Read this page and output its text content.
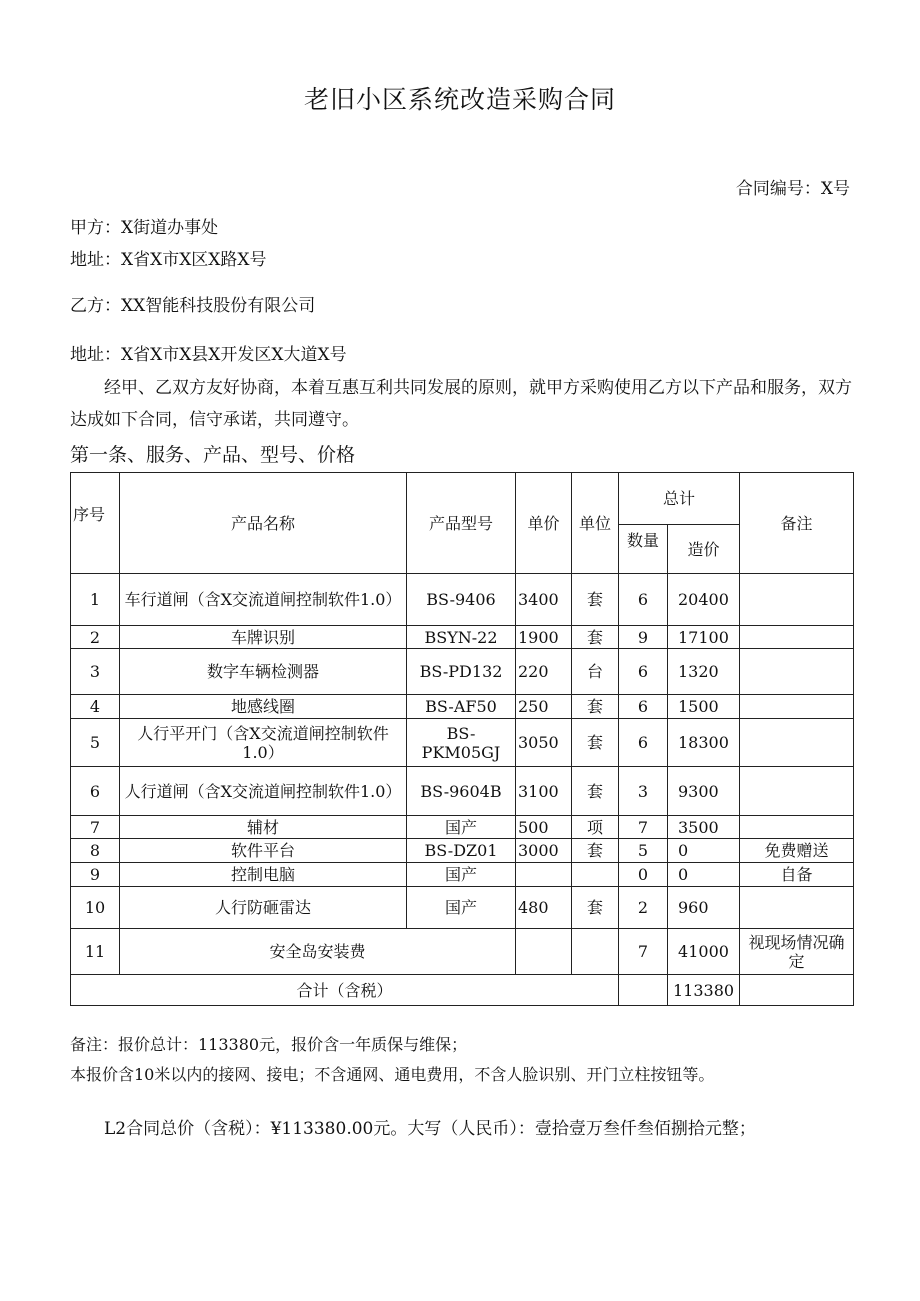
老旧小区系统改造采购合同
合同编号：X号
甲方：X街道办事处
地址：X省X市X区X路X号
乙方：XX智能科技股份有限公司
地址：X省X市X县X开发区X大道X号
经甲、乙双方友好协商，本着互惠互利共同发展的原则，就甲方采购使用乙方以下产品和服务，双方达成如下合同，信守承诺，共同遵守。
第一条、服务、产品、型号、价格
序号	产品名称	产品型号	单价	单位	总计		备注
					数量	造价	
1	车行道闸（含X交流道闸控制软件1.0）	BS-9406	3400	套	6	20400	
2	车牌识别	BSYN-22	1900	套	9	17100	
3	数字车辆检测器	BS-PD132	220	台	6	1320	
4	地感线圈	BS-AF50	250	套	6	1500	
5	人行平开门（含X交流道闸控制软件1.0）	BS-PKM05GJ	3050	套	6	18300	
6	人行道闸（含X交流道闸控制软件1.0）	BS-9604B	3100	套	3	9300	
7	辅材	国产	500	项	7	3500	
8	软件平台	BS-DZ01	3000	套	5	0	免费赠送
9	控制电脑	国产			0	0	自备
10	人行防砸雷达	国产	480	套	2	960	
11	安全岛安装费				7	41000	视现场情况确定
合计（含税）						113380	
备注：报价总计：113380元，报价含一年质保与维保；
本报价含10米以内的接网、接电；不含通网、通电费用，不含人脸识别、开门立柱按钮等。
L2合同总价（含税）：¥113380.00元。大写（人民币）：壹拾壹万叁仟叁佰捌拾元整；
